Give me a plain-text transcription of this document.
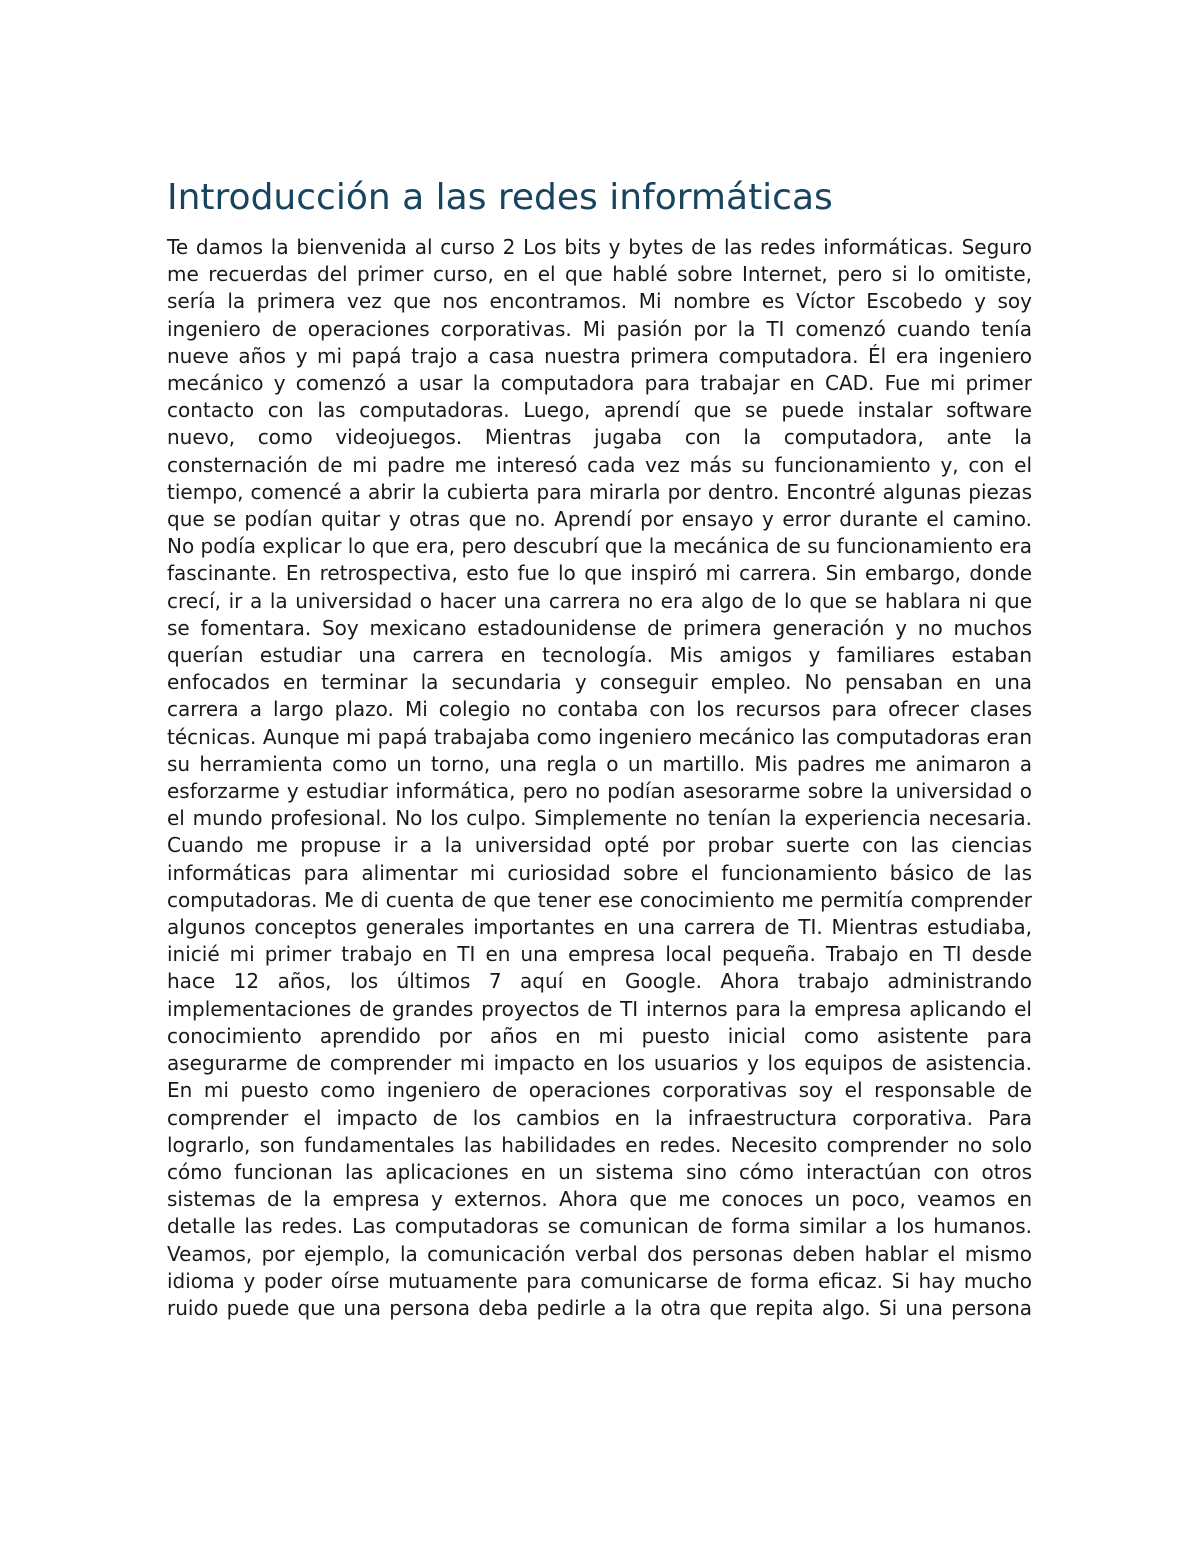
Introducción a las redes informáticas

Te damos la bienvenida al curso 2 Los bits y bytes de las redes informáticas. Seguro me recuerdas del primer curso, en el que hablé sobre Internet, pero si lo omitiste, sería la primera vez que nos encontramos. Mi nombre es Víctor Escobedo y soy ingeniero de operaciones corporativas. Mi pasión por la TI comenzó cuando tenía nueve años y mi papá trajo a casa nuestra primera computadora. Él era ingeniero mecánico y comenzó a usar la computadora para trabajar en CAD. Fue mi primer contacto con las computadoras. Luego, aprendí que se puede instalar software nuevo, como videojuegos. Mientras jugaba con la computadora, ante la consternación de mi padre me interesó cada vez más su funcionamiento y, con el tiempo, comencé a abrir la cubierta para mirarla por dentro. Encontré algunas piezas que se podían quitar y otras que no. Aprendí por ensayo y error durante el camino. No podía explicar lo que era, pero descubrí que la mecánica de su funcionamiento era fascinante. En retrospectiva, esto fue lo que inspiró mi carrera. Sin embargo, donde crecí, ir a la universidad o hacer una carrera no era algo de lo que se hablara ni que se fomentara. Soy mexicano estadounidense de primera generación y no muchos querían estudiar una carrera en tecnología. Mis amigos y familiares estaban enfocados en terminar la secundaria y conseguir empleo. No pensaban en una carrera a largo plazo. Mi colegio no contaba con los recursos para ofrecer clases técnicas. Aunque mi papá trabajaba como ingeniero mecánico las computadoras eran su herramienta como un torno, una regla o un martillo. Mis padres me animaron a esforzarme y estudiar informática, pero no podían asesorarme sobre la universidad o el mundo profesional. No los culpo. Simplemente no tenían la experiencia necesaria. Cuando me propuse ir a la universidad opté por probar suerte con las ciencias informáticas para alimentar mi curiosidad sobre el funcionamiento básico de las computadoras. Me di cuenta de que tener ese conocimiento me permitía comprender algunos conceptos generales importantes en una carrera de TI. Mientras estudiaba, inicié mi primer trabajo en TI en una empresa local pequeña. Trabajo en TI desde hace 12 años, los últimos 7 aquí en Google. Ahora trabajo administrando implementaciones de grandes proyectos de TI internos para la empresa aplicando el conocimiento aprendido por años en mi puesto inicial como asistente para asegurarme de comprender mi impacto en los usuarios y los equipos de asistencia. En mi puesto como ingeniero de operaciones corporativas soy el responsable de comprender el impacto de los cambios en la infraestructura corporativa. Para lograrlo, son fundamentales las habilidades en redes. Necesito comprender no solo cómo funcionan las aplicaciones en un sistema sino cómo interactúan con otros sistemas de la empresa y externos. Ahora que me conoces un poco, veamos en detalle las redes. Las computadoras se comunican de forma similar a los humanos. Veamos, por ejemplo, la comunicación verbal dos personas deben hablar el mismo idioma y poder oírse mutuamente para comunicarse de forma eficaz. Si hay mucho ruido puede que una persona deba pedirle a la otra que repita algo. Si una persona
